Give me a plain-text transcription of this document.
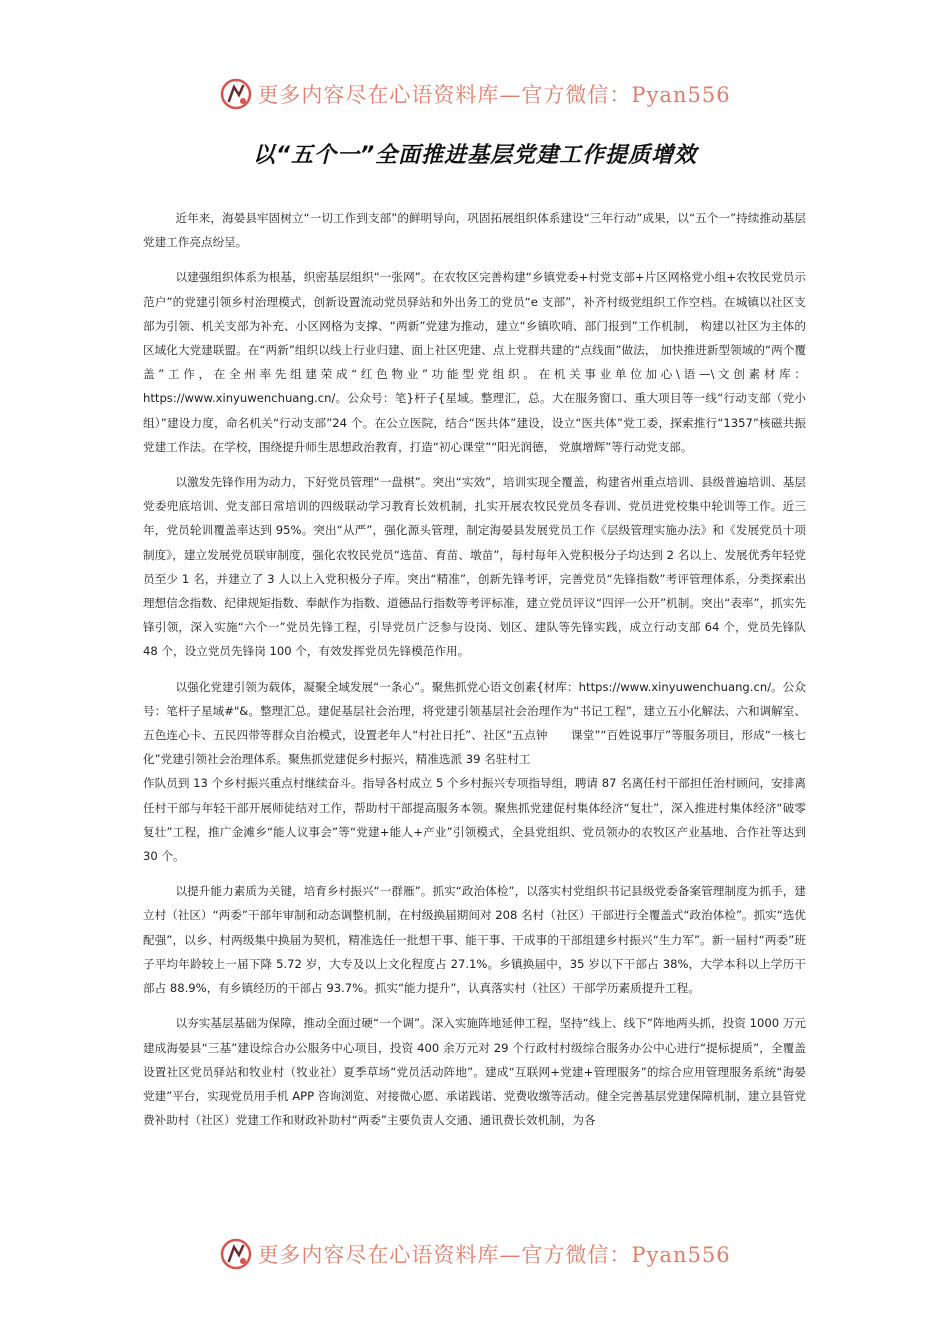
更多内容尽在心语资料库—官方微信：Pyan556
以“五个一”全面推进基层党建工作提质增效

近年来，海晏县牢固树立“一切工作到支部”的鲜明导向，巩固拓展组织体系建设“三年行动”成果，以“五个一”持续推动基层党建工作亮点纷呈。

以建强组织体系为根基，织密基层组织“一张网”。在农牧区完善构建“乡镇党委+村党支部+片区网格党小组+农牧民党员示范户”的党建引领乡村治理模式，创新设置流动党员驿站和外出务工的党员“e 支部”，补齐村级党组织工作空档。在城镇以社区支部为引领、机关支部为补充、小区网格为支撑、“两新”党建为推动，建立“乡镇吹哨、部门报到”工作机制， 构建以社区为主体的区域化大党建联盟。在“两新”组织以线上行业归建、面上社区兜建、点上党群共建的“点线面”做法， 加快推进新型领域的“两个覆盖”工作，在全州率先组建荣成“红色物业”功能型党组织。在机关事业单位加心\语—\文创素材库：https://www.xinyuwenchuang.cn/。公众号：笔}杆子{星域。整理汇，总。大在服务窗口、重大项目等一线“行动支部（党小组）”建设力度，命名机关“行动支部”24 个。在公立医院，结合“医共体”建设，设立“医共体”党工委，探索推行“1357”核磁共振党建工作法。在学校，围绕提升师生思想政治教育，打造“初心课堂”“阳光润德， 党旗增辉”等行动党支部。

以激发先锋作用为动力，下好党员管理“一盘棋”。突出“实效”，培训实现全覆盖，构建省州重点培训、县级普遍培训、基层党委兜底培训、党支部日常培训的四级联动学习教育长效机制，扎实开展农牧民党员冬春训、党员进党校集中轮训等工作。近三年，党员轮训覆盖率达到 95%。突出“从严”，强化源头管理，制定海晏县发展党员工作《层级管理实施办法》和《发展党员十项制度》，建立发展党员联审制度，强化农牧民党员“选苗、育苗、墩苗”，每村每年入党积极分子均达到 2 名以上、发展优秀年轻党员至少 1 名，并建立了 3 人以上入党积极分子库。突出“精准”，创新先锋考评，完善党员“先锋指数”考评管理体系，分类探索出理想信念指数、纪律规矩指数、奉献作为指数、道德品行指数等考评标准，建立党员评议“四评一公开”机制。突出“表率”，抓实先锋引领，深入实施“六个一”党员先锋工程，引导党员广泛参与设岗、划区、建队等先锋实践，成立行动支部 64 个，党员先锋队 48 个，设立党员先锋岗 100 个，有效发挥党员先锋模范作用。

以强化党建引领为载体，凝聚全域发展“一条心”。聚焦抓党心语文创素{材库：https://www.xinyuwenchuang.cn/。公众号：笔杆子星域#"&。整理汇总。建促基层社会治理，将党建引领基层社会治理作为“书记工程”，建立五小化解法、六和调解室、五色连心卡、五民四带等群众自治模式，设置老年人“村社日托”、社区“五点钟　　课堂”“百姓说事厅”等服务项目，形成“一核七化”党建引领社会治理体系。聚焦抓党建促乡村振兴，精准选派 39 名驻村工

作队员到 13 个乡村振兴重点村继续奋斗。指导各村成立 5 个乡村振兴专项指导组，聘请 87 名离任村干部担任治村顾问，安排离任村干部与年轻干部开展师徒结对工作，帮助村干部提高服务本领。聚焦抓党建促村集体经济“复壮”，深入推进村集体经济“破零复壮”工程，推广金滩乡“能人议事会”等“党建+能人+产业”引领模式，全县党组织、党员领办的农牧区产业基地、合作社等达到 30 个。

以提升能力素质为关键，培育乡村振兴“一群雁”。抓实“政治体检”，以落实村党组织书记县级党委备案管理制度为抓手，建立村（社区）“两委”干部年审制和动态调整机制，在村级换届期间对 208 名村（社区）干部进行全覆盖式“政治体检”。抓实“选优配强”，以乡、村两级集中换届为契机，精准选任一批想干事、能干事、干成事的干部组建乡村振兴“生力军”。新一届村“两委”班子平均年龄较上一届下降 5.72 岁，大专及以上文化程度占 27.1%。乡镇换届中，35 岁以下干部占 38%，大学本科以上学历干部占 88.9%，有乡镇经历的干部占 93.7%。抓实“能力提升”，认真落实村（社区）干部学历素质提升工程。

以夯实基层基础为保障，推动全面过硬“一个调”。深入实施阵地延伸工程，坚持“线上、线下”阵地两头抓，投资 1000 万元建成海晏县“三基”建设综合办公服务中心项目，投资 400 余万元对 29 个行政村村级综合服务办公中心进行“提标提质”，全覆盖设置社区党员驿站和牧业村（牧业社）夏季草场“党员活动阵地”。建成“互联网+党建+管理服务”的综合应用管理服务系统“海晏党建”平台，实现党员用手机 APP 咨询浏览、对接微心愿、承诺践诺、党费收缴等活动。健全完善基层党建保障机制，建立县管党费补助村（社区）党建工作和财政补助村“两委”主要负责人交通、通讯费长效机制，为各

更多内容尽在心语资料库—官方微信：Pyan556
